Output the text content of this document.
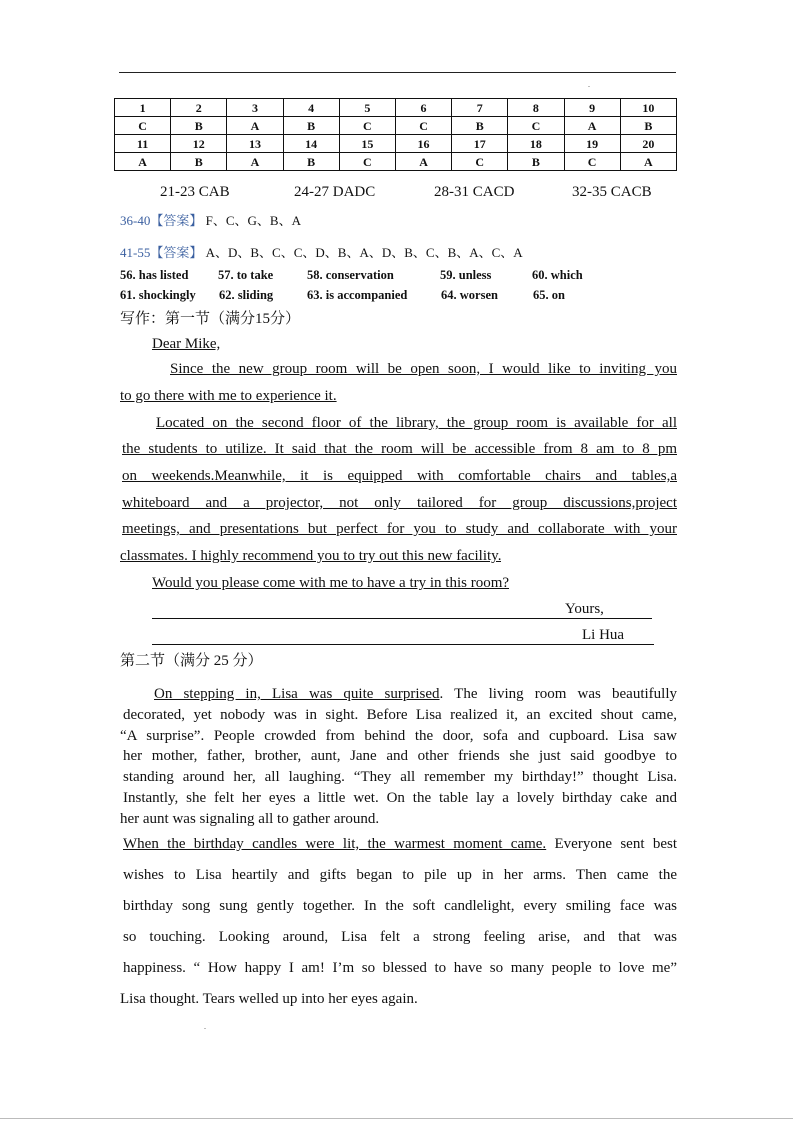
.
1	2	3	4	5	6	7	8	9	10
C	B	A	B	C	C	B	C	A	B
11	12	13	14	15	16	17	18	19	20
A	B	A	B	C	A	C	B	C	A
21-23 CAB	24-27 DADC	28-31 CACD	32-35 CACB
36-40【答案】 F、C、G、B、A
41-55【答案】 A、D、B、C、C、D、B、A、D、B、C、B、A、C、A
56. has listed 57. to take	58. conservation	59. unless	60. which
61. shockingly 62. sliding	63. is accompanied	64. worsen	65. on
写作：第一节（满分15分）
Dear Mike,
Since the new group room will be open soon, I would like to inviting you
to go there with me to experience it.
Located on the second floor of the library, the group room is available for all
the students to utilize. It said that the room will be accessible from 8 am to 8 pm
on weekends.Meanwhile, it is equipped with comfortable chairs and tables,a
whiteboard and a projector, not only tailored for group discussions,project
meetings, and presentations but perfect for you to study and collaborate with your
classmates. I highly recommend you to try out this new facility.
Would you please come with me to have a try in this room?
Yours,
Li Hua
第二节（满分 25 分）
On stepping in, Lisa was quite surprised. The living room was beautifully
decorated, yet nobody was in sight. Before Lisa realized it, an excited shout came,
“A surprise”. People crowded from behind the door, sofa and cupboard. Lisa saw
her mother, father, brother, aunt, Jane and other friends she just said goodbye to
standing around her, all laughing. “They all remember my birthday!” thought Lisa.
Instantly, she felt her eyes a little wet. On the table lay a lovely birthday cake and
her aunt was signaling all to gather around.
When the birthday candles were lit, the warmest moment came. Everyone sent best
wishes to Lisa heartily and gifts began to pile up in her arms. Then came the
birthday song sung gently together. In the soft candlelight, every smiling face was
so touching. Looking around, Lisa felt a strong feeling arise, and that was
happiness. “ How happy I am! I’m so blessed to have so many people to love me”
Lisa thought. Tears welled up into her eyes again.
.
